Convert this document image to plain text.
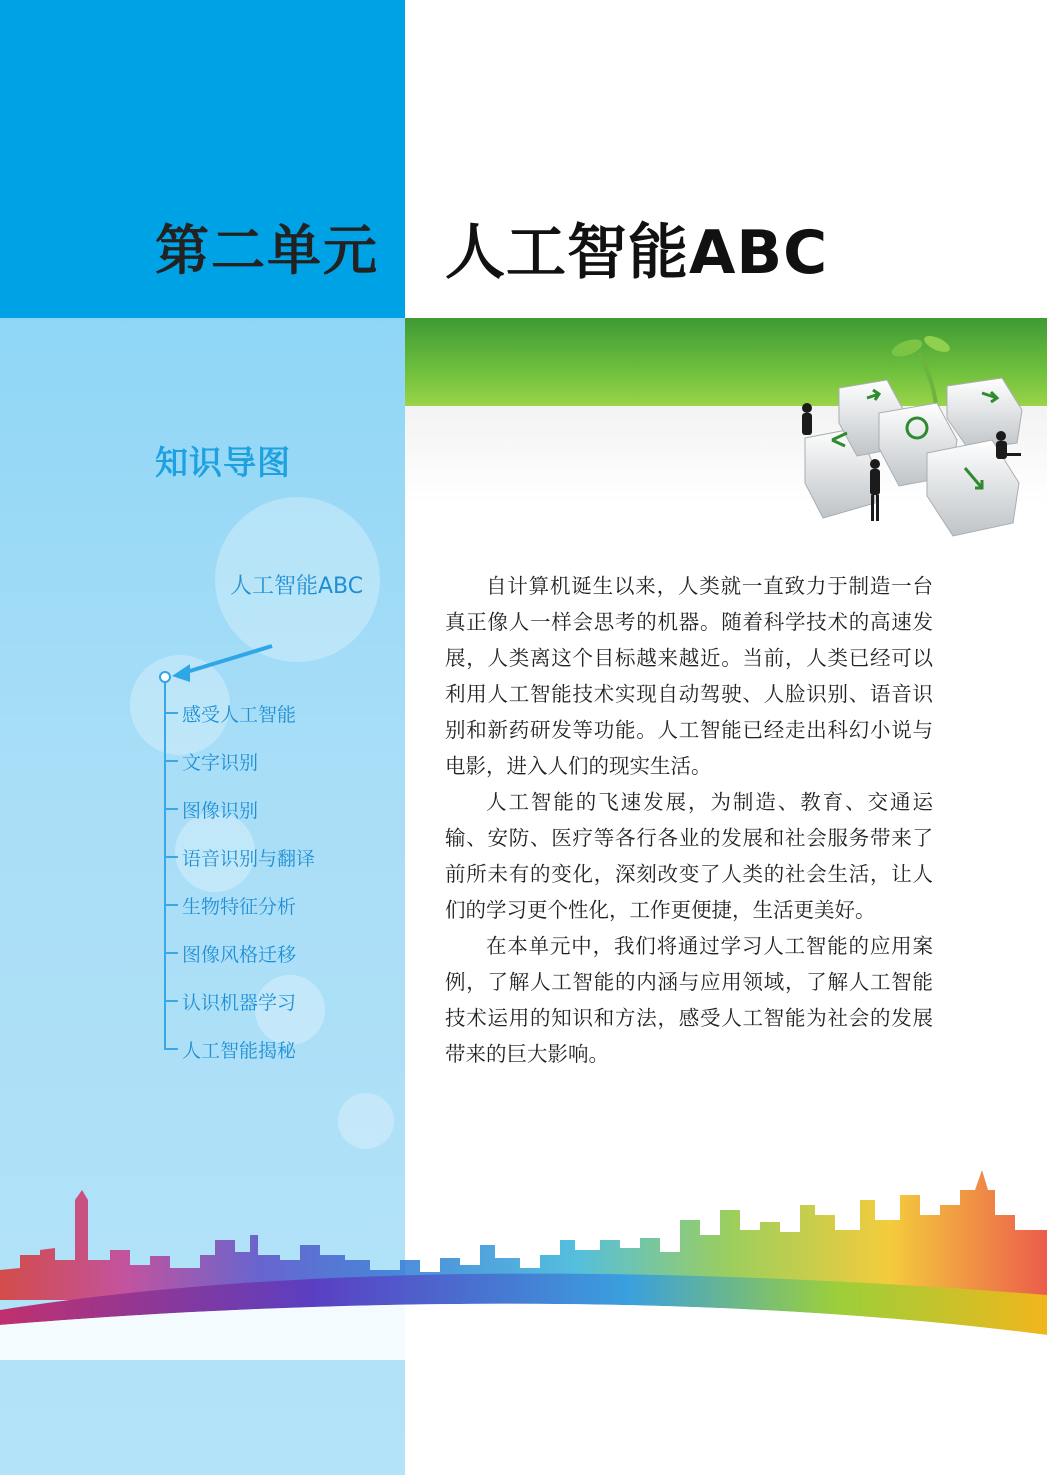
第二单元 人工智能ABC
知识导图
人工智能ABC
感受人工智能
文字识别
图像识别
语音识别与翻译
生物特征分析
图像风格迁移
认识机器学习
人工智能揭秘

自计算机诞生以来，人类就一直致力于制造一台真正像人一样会思考的机器。随着科学技术的高速发展，人类离这个目标越来越近。当前，人类已经可以利用人工智能技术实现自动驾驶、人脸识别、语音识别和新药研发等功能。人工智能已经走出科幻小说与电影，进入人们的现实生活。

人工智能的飞速发展，为制造、教育、交通运输、安防、医疗等各行各业的发展和社会服务带来了前所未有的变化，深刻改变了人类的社会生活，让人们的学习更个性化，工作更便捷，生活更美好。

在本单元中，我们将通过学习人工智能的应用案例，了解人工智能的内涵与应用领域，了解人工智能技术运用的知识和方法，感受人工智能为社会的发展带来的巨大影响。
